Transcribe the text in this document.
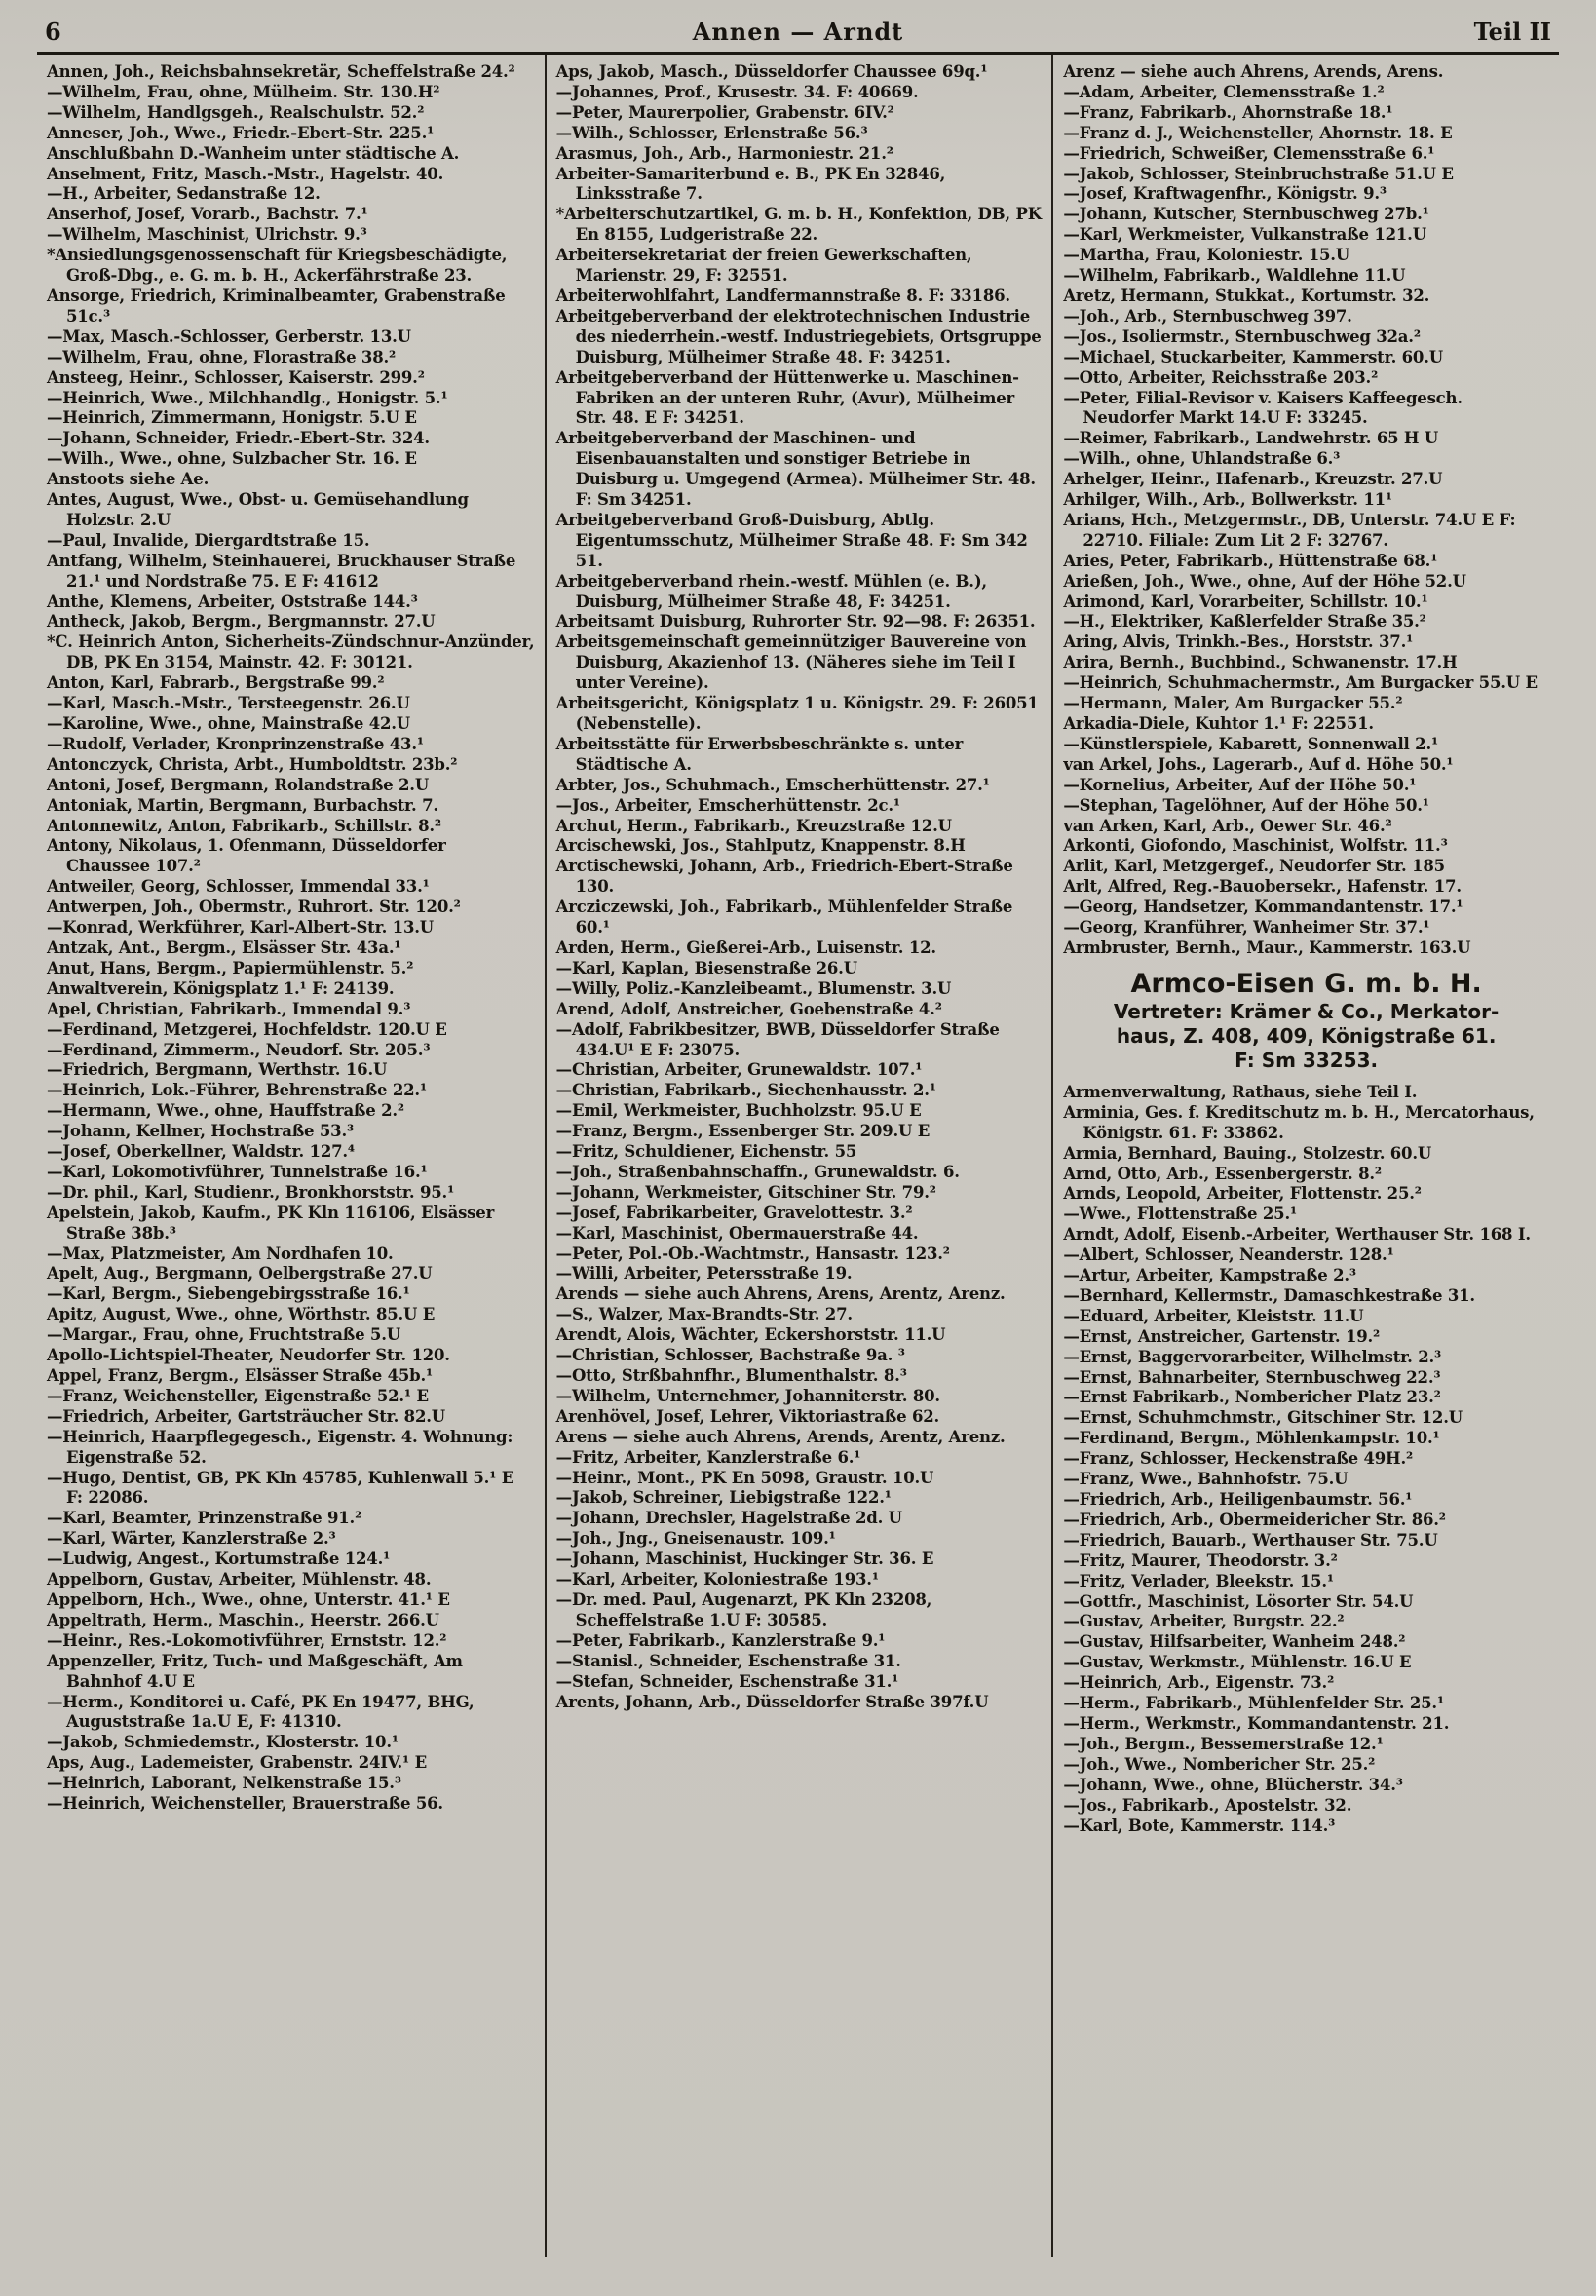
6	Annen — Arndt	Teil II

Annen, Joh., Reichsbahnsekretär, Scheffelstraße 24.²

—Wilhelm, Frau, ohne, Mülheim. Str. 130.H²

—Wilhelm, Handlgsgeh., Realschulstr. 52.²

Anneser, Joh., Wwe., Friedr.-Ebert-Str. 225.¹

Anschlußbahn D.-Wanheim unter städtische A.

Anselment, Fritz, Masch.-Mstr., Hagelstr. 40.

—H., Arbeiter, Sedanstraße 12.

Anserhof, Josef, Vorarb., Bachstr. 7.¹

—Wilhelm, Maschinist, Ulrichstr. 9.³

*Ansiedlungsgenossenschaft für Kriegsbeschädigte, Groß-Dbg., e. G. m. b. H., Ackerfährstraße 23.

Ansorge, Friedrich, Kriminalbeamter, Grabenstraße 51c.³

—Max, Masch.-Schlosser, Gerberstr. 13.U

—Wilhelm, Frau, ohne, Florastraße 38.²

Ansteeg, Heinr., Schlosser, Kaiserstr. 299.²

—Heinrich, Wwe., Milchhandlg., Honigstr. 5.¹

—Heinrich, Zimmermann, Honigstr. 5.U E

—Johann, Schneider, Friedr.-Ebert-Str. 324.

—Wilh., Wwe., ohne, Sulzbacher Str. 16. E

Anstoots siehe Ae.

Antes, August, Wwe., Obst- u. Gemüsehandlung Holzstr. 2.U

—Paul, Invalide, Diergardtstraße 15.

Antfang, Wilhelm, Steinhauerei, Bruckhauser Straße 21.¹ und Nordstraße 75. E F: 41612

Anthe, Klemens, Arbeiter, Oststraße 144.³

Antheck, Jakob, Bergm., Bergmannstr. 27.U

*C. Heinrich Anton, Sicherheits-Zündschnur-Anzünder, DB, PK En 3154, Mainstr. 42. F: 30121.

Anton, Karl, Fabrarb., Bergstraße 99.²

—Karl, Masch.-Mstr., Tersteegenstr. 26.U

—Karoline, Wwe., ohne, Mainstraße 42.U

—Rudolf, Verlader, Kronprinzenstraße 43.¹

Antonczyck, Christa, Arbt., Humboldtstr. 23b.²

Antoni, Josef, Bergmann, Rolandstraße 2.U

Antoniak, Martin, Bergmann, Burbachstr. 7.

Antonnewitz, Anton, Fabrikarb., Schillstr. 8.²

Antony, Nikolaus, 1. Ofenmann, Düsseldorfer Chaussee 107.²

Antweiler, Georg, Schlosser, Immendal 33.¹

Antwerpen, Joh., Obermstr., Ruhrort. Str. 120.²

—Konrad, Werkführer, Karl-Albert-Str. 13.U

Antzak, Ant., Bergm., Elsässer Str. 43a.¹

Anut, Hans, Bergm., Papiermühlenstr. 5.²

Anwaltverein, Königsplatz 1.¹ F: 24139.

Apel, Christian, Fabrikarb., Immendal 9.³

—Ferdinand, Metzgerei, Hochfeldstr. 120.U E

—Ferdinand, Zimmerm., Neudorf. Str. 205.³

—Friedrich, Bergmann, Werthstr. 16.U

—Heinrich, Lok.-Führer, Behrenstraße 22.¹

—Hermann, Wwe., ohne, Hauffstraße 2.²

—Johann, Kellner, Hochstraße 53.³

—Josef, Oberkellner, Waldstr. 127.⁴

—Karl, Lokomotivführer, Tunnelstraße 16.¹

—Dr. phil., Karl, Studienr., Bronkhorststr. 95.¹

Apelstein, Jakob, Kaufm., PK Kln 116106, Elsässer Straße 38b.³

—Max, Platzmeister, Am Nordhafen 10.

Apelt, Aug., Bergmann, Oelbergstraße 27.U

—Karl, Bergm., Siebengebirgsstraße 16.¹

Apitz, August, Wwe., ohne, Wörthstr. 85.U E

—Margar., Frau, ohne, Fruchtstraße 5.U

Apollo-Lichtspiel-Theater, Neudorfer Str. 120.

Appel, Franz, Bergm., Elsässer Straße 45b.¹

—Franz, Weichensteller, Eigenstraße 52.¹ E

—Friedrich, Arbeiter, Gartsträucher Str. 82.U

—Heinrich, Haarpflegegesch., Eigenstr. 4. Wohnung: Eigenstraße 52.

—Hugo, Dentist, GB, PK Kln 45785, Kuhlenwall 5.¹ E F: 22086.

—Karl, Beamter, Prinzenstraße 91.²

—Karl, Wärter, Kanzlerstraße 2.³

—Ludwig, Angest., Kortumstraße 124.¹

Appelborn, Gustav, Arbeiter, Mühlenstr. 48.

Appelborn, Hch., Wwe., ohne, Unterstr. 41.¹ E

Appeltrath, Herm., Maschin., Heerstr. 266.U

—Heinr., Res.-Lokomotivführer, Ernststr. 12.²

Appenzeller, Fritz, Tuch- und Maßgeschäft, Am Bahnhof 4.U E

—Herm., Konditorei u. Café, PK En 19477, BHG, Auguststraße 1a.U E, F: 41310.

—Jakob, Schmiedemstr., Klosterstr. 10.¹

Aps, Aug., Lademeister, Grabenstr. 24IV.¹ E

—Heinrich, Laborant, Nelkenstraße 15.³

—Heinrich, Weichensteller, Brauerstraße 56.

Aps, Jakob, Masch., Düsseldorfer Chaussee 69q.¹

—Johannes, Prof., Krusestr. 34. F: 40669.

—Peter, Maurerpolier, Grabenstr. 6IV.²

—Wilh., Schlosser, Erlenstraße 56.³

Arasmus, Joh., Arb., Harmoniestr. 21.²

Arbeiter-Samariterbund e. B., PK En 32846, Linksstraße 7.

*Arbeiterschutzartikel, G. m. b. H., Konfektion, DB, PK En 8155, Ludgeristraße 22.

Arbeitersekretariat der freien Gewerkschaften, Marienstr. 29, F: 32551.

Arbeiterwohlfahrt, Landfermannstraße 8. F: 33186.

Arbeitgeberverband der elektrotechnischen Industrie des niederrhein.-westf. Industriegebiets, Ortsgruppe Duisburg, Mülheimer Straße 48. F: 34251.

Arbeitgeberverband der Hüttenwerke u. Maschinen-Fabriken an der unteren Ruhr, (Avur), Mülheimer Str. 48. E F: 34251.

Arbeitgeberverband der Maschinen- und Eisenbauanstalten und sonstiger Betriebe in Duisburg u. Umgegend (Armea). Mülheimer Str. 48. F: Sm 34251.

Arbeitgeberverband Groß-Duisburg, Abtlg. Eigentumsschutz, Mülheimer Straße 48. F: Sm 342 51.

Arbeitgeberverband rhein.-westf. Mühlen (e. B.), Duisburg, Mülheimer Straße 48, F: 34251.

Arbeitsamt Duisburg, Ruhrorter Str. 92—98. F: 26351.

Arbeitsgemeinschaft gemeinnütziger Bauvereine von Duisburg, Akazienhof 13. (Näheres siehe im Teil I unter Vereine).

Arbeitsgericht, Königsplatz 1 u. Königstr. 29. F: 26051 (Nebenstelle).

Arbeitsstätte für Erwerbsbeschränkte s. unter Städtische A.

Arbter, Jos., Schuhmach., Emscherhüttenstr. 27.¹

—Jos., Arbeiter, Emscherhüttenstr. 2c.¹

Archut, Herm., Fabrikarb., Kreuzstraße 12.U

Arcischewski, Jos., Stahlputz, Knappenstr. 8.H

Arctischewski, Johann, Arb., Friedrich-Ebert-Straße 130.

Arcziczewski, Joh., Fabrikarb., Mühlenfelder Straße 60.¹

Arden, Herm., Gießerei-Arb., Luisenstr. 12.

—Karl, Kaplan, Biesenstraße 26.U

—Willy, Poliz.-Kanzleibeamt., Blumenstr. 3.U

Arend, Adolf, Anstreicher, Goebenstraße 4.²

—Adolf, Fabrikbesitzer, BWB, Düsseldorfer Straße 434.U¹ E F: 23075.

—Christian, Arbeiter, Grunewaldstr. 107.¹

—Christian, Fabrikarb., Siechenhausstr. 2.¹

—Emil, Werkmeister, Buchholzstr. 95.U E

—Franz, Bergm., Essenberger Str. 209.U E

—Fritz, Schuldiener, Eichenstr. 55

—Joh., Straßenbahnschaffn., Grunewaldstr. 6.

—Johann, Werkmeister, Gitschiner Str. 79.²

—Josef, Fabrikarbeiter, Gravelottestr. 3.²

—Karl, Maschinist, Obermauerstraße 44.

—Peter, Pol.-Ob.-Wachtmstr., Hansastr. 123.²

—Willi, Arbeiter, Petersstraße 19.

Arends — siehe auch Ahrens, Arens, Arentz, Arenz.

—S., Walzer, Max-Brandts-Str. 27.

Arendt, Alois, Wächter, Eckershorststr. 11.U

—Christian, Schlosser, Bachstraße 9a. ³

—Otto, Strßbahnfhr., Blumenthalstr. 8.³

—Wilhelm, Unternehmer, Johanniterstr. 80.

Arenhövel, Josef, Lehrer, Viktoriastraße 62.

Arens — siehe auch Ahrens, Arends, Arentz, Arenz.

—Fritz, Arbeiter, Kanzlerstraße 6.¹

—Heinr., Mont., PK En 5098, Graustr. 10.U

—Jakob, Schreiner, Liebigstraße 122.¹

—Johann, Drechsler, Hagelstraße 2d. U

—Joh., Jng., Gneisenaustr. 109.¹

—Johann, Maschinist, Huckinger Str. 36. E

—Karl, Arbeiter, Koloniestraße 193.¹

—Dr. med. Paul, Augenarzt, PK Kln 23208, Scheffelstraße 1.U F: 30585.

—Peter, Fabrikarb., Kanzlerstraße 9.¹

—Stanisl., Schneider, Eschenstraße 31.

—Stefan, Schneider, Eschenstraße 31.¹

Arents, Johann, Arb., Düsseldorfer Straße 397f.U

Arenz — siehe auch Ahrens, Arends, Arens.

—Adam, Arbeiter, Clemensstraße 1.²

—Franz, Fabrikarb., Ahornstraße 18.¹

—Franz d. J., Weichensteller, Ahornstr. 18. E

—Friedrich, Schweißer, Clemensstraße 6.¹

—Jakob, Schlosser, Steinbruchstraße 51.U E

—Josef, Kraftwagenfhr., Königstr. 9.³

—Johann, Kutscher, Sternbuschweg 27b.¹

—Karl, Werkmeister, Vulkanstraße 121.U

—Martha, Frau, Koloniestr. 15.U

—Wilhelm, Fabrikarb., Waldlehne 11.U

Aretz, Hermann, Stukkat., Kortumstr. 32.

—Joh., Arb., Sternbuschweg 397.

—Jos., Isoliermstr., Sternbuschweg 32a.²

—Michael, Stuckarbeiter, Kammerstr. 60.U

—Otto, Arbeiter, Reichsstraße 203.²

—Peter, Filial-Revisor v. Kaisers Kaffeegesch. Neudorfer Markt 14.U F: 33245.

—Reimer, Fabrikarb., Landwehrstr. 65 H U

—Wilh., ohne, Uhlandstraße 6.³

Arhelger, Heinr., Hafenarb., Kreuzstr. 27.U

Arhilger, Wilh., Arb., Bollwerkstr. 11¹

Arians, Hch., Metzgermstr., DB, Unterstr. 74.U E F: 22710. Filiale: Zum Lit 2 F: 32767.

Aries, Peter, Fabrikarb., Hüttenstraße 68.¹

Arießen, Joh., Wwe., ohne, Auf der Höhe 52.U

Arimond, Karl, Vorarbeiter, Schillstr. 10.¹

—H., Elektriker, Kaßlerfelder Straße 35.²

Aring, Alvis, Trinkh.-Bes., Horststr. 37.¹

Arira, Bernh., Buchbind., Schwanenstr. 17.H

—Heinrich, Schuhmachermstr., Am Burgacker 55.U E

—Hermann, Maler, Am Burgacker 55.²

Arkadia-Diele, Kuhtor 1.¹ F: 22551.

—Künstlerspiele, Kabarett, Sonnenwall 2.¹

van Arkel, Johs., Lagerarb., Auf d. Höhe 50.¹

—Kornelius, Arbeiter, Auf der Höhe 50.¹

—Stephan, Tagelöhner, Auf der Höhe 50.¹

van Arken, Karl, Arb., Oewer Str. 46.²

Arkonti, Giofondo, Maschinist, Wolfstr. 11.³

Arlit, Karl, Metzgergef., Neudorfer Str. 185

Arlt, Alfred, Reg.-Bauobersekr., Hafenstr. 17.

—Georg, Handsetzer, Kommandantenstr. 17.¹

—Georg, Kranführer, Wanheimer Str. 37.¹

Armbruster, Bernh., Maur., Kammerstr. 163.U

Armco-Eisen G. m. b. H.
Vertreter: Krämer & Co., Merkator-
haus, Z. 408, 409, Königstraße 61.
F: Sm 33253.

Armenverwaltung, Rathaus, siehe Teil I.

Arminia, Ges. f. Kreditschutz m. b. H., Mercatorhaus, Königstr. 61. F: 33862.

Armia, Bernhard, Bauing., Stolzestr. 60.U

Arnd, Otto, Arb., Essenbergerstr. 8.²

Arnds, Leopold, Arbeiter, Flottenstr. 25.²

—Wwe., Flottenstraße 25.¹

Arndt, Adolf, Eisenb.-Arbeiter, Werthauser Str. 168 I.

—Albert, Schlosser, Neanderstr. 128.¹

—Artur, Arbeiter, Kampstraße 2.³

—Bernhard, Kellermstr., Damaschkestraße 31.

—Eduard, Arbeiter, Kleiststr. 11.U

—Ernst, Anstreicher, Gartenstr. 19.²

—Ernst, Baggervorarbeiter, Wilhelmstr. 2.³

—Ernst, Bahnarbeiter, Sternbuschweg 22.³

—Ernst Fabrikarb., Nombericher Platz 23.²

—Ernst, Schuhmchmstr., Gitschiner Str. 12.U

—Ferdinand, Bergm., Möhlenkampstr. 10.¹

—Franz, Schlosser, Heckenstraße 49H.²

—Franz, Wwe., Bahnhofstr. 75.U

—Friedrich, Arb., Heiligenbaumstr. 56.¹

—Friedrich, Arb., Obermeidericher Str. 86.²

—Friedrich, Bauarb., Werthauser Str. 75.U

—Fritz, Maurer, Theodorstr. 3.²

—Fritz, Verlader, Bleekstr. 15.¹

—Gottfr., Maschinist, Lösorter Str. 54.U

—Gustav, Arbeiter, Burgstr. 22.²

—Gustav, Hilfsarbeiter, Wanheim 248.²

—Gustav, Werkmstr., Mühlenstr. 16.U E

—Heinrich, Arb., Eigenstr. 73.²

—Herm., Fabrikarb., Mühlenfelder Str. 25.¹

—Herm., Werkmstr., Kommandantenstr. 21.

—Joh., Bergm., Bessemerstraße 12.¹

—Joh., Wwe., Nombericher Str. 25.²

—Johann, Wwe., ohne, Blücherstr. 34.³

—Jos., Fabrikarb., Apostelstr. 32.

—Karl, Bote, Kammerstr. 114.³
